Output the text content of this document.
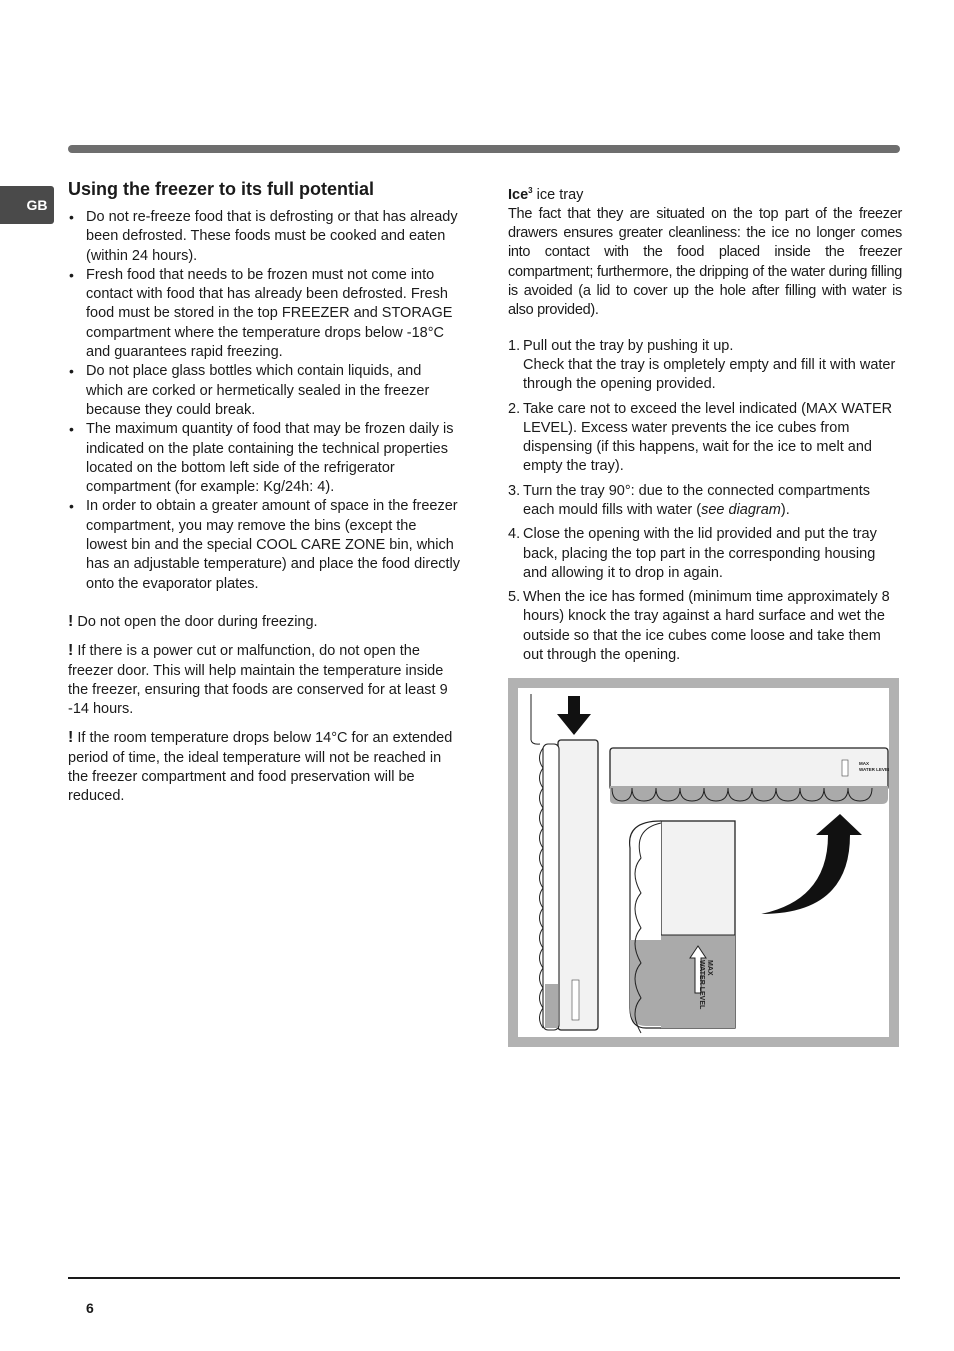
GB
Using the freezer to its full potential
• Do not re-freeze food that is defrosting or that has already been defrosted. These foods must be cooked and eaten (within 24 hours).
• Fresh food that needs to be frozen must not come into contact with food that has already been defrosted. Fresh food must be stored in the top FREEZER and STORAGE compartment where the temperature drops below -18°C and guarantees rapid freezing.
• Do not place glass bottles which contain liquids, and which are corked or hermetically sealed in the freezer because they could break.
• The maximum quantity of food that may be frozen daily is indicated on the plate containing the technical properties located on the bottom left side of the refrigerator compartment (for example: Kg/24h: 4).
• In order to obtain a greater amount of space in the freezer compartment, you may remove the bins (except the lowest bin and the special COOL CARE ZONE bin, which has an adjustable temperature) and place the food directly onto the evaporator plates.

! Do not open the door during freezing.

! If there is a power cut or malfunction, do not open the freezer door. This will help maintain the temperature inside the freezer, ensuring that foods are conserved for at least 9 -14 hours.

! If the room temperature drops below 14°C for an extended period of time, the ideal temperature will not be reached in the freezer compartment and food preservation will be reduced.

Ice$^3$ ice tray

The fact that they are situated on the top part of the freezer drawers ensures greater cleanliness: the ice no longer comes into contact with the food placed inside the freezer compartment; furthermore, the dripping of the water during filling is avoided (a lid to cover up the hole after filling with water is also provided).

1. Pull out the tray by pushing it up.
Check that the tray is ompletely empty and fill it with water through the opening provided.
2. Take care not to exceed the level indicated (MAX WATER LEVEL). Excess water prevents the ice cubes from dispensing (if this happens, wait for the ice to melt and empty the tray).
3. Turn the tray 90°: due to the connected compartments each mould fills with water (see diagram).
4. Close the opening with the lid provided and put the tray back, placing the top part in the corresponding housing and allowing it to drop in again.
5. When the ice has formed (minimum time approximately 8 hours) knock the tray against a hard surface and wet the outside so that the ice cubes come loose and take them out through the opening.
MAX
WATER LEVEL
MAX
WATER LEVEL
6
